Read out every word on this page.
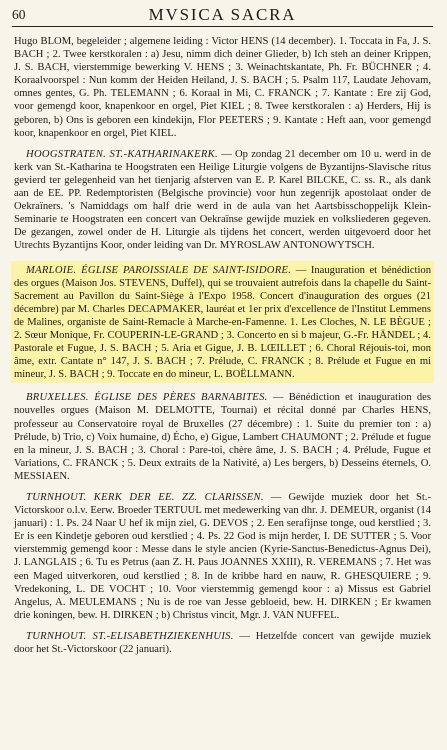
60	MVSICA SACRA

Hugo BLOM, begeleider ; algemene leiding : Victor HENS (14 december). 1. Toccata in Fa, J. S. BACH ; 2. Twee kerstkoralen : a) Jesu, nimm dich deiner Glieder, b) Ich steh an deiner Krippen, J. S. BACH, vierstemmige bewerking V. HENS ; 3. Weinachtskantate, Ph. Fr. BÜCHNER ; 4. Koraalvoorspel : Nun komm der Heiden Heiland, J. S. BACH ; 5. Psalm 117, Laudate Jehovam, omnes gentes, G. Ph. TELEMANN ; 6. Koraal in Mi, C. FRANCK ; 7. Kantate : Ere zij God, voor gemengd koor, knapenkoor en orgel, Piet KIEL ; 8. Twee kerstkoralen : a) Herders, Hij is geboren, b) Ons is geboren een kindekijn, Flor PEETERS ; 9. Kantate : Heft aan, voor gemengd koor, knapenkoor en orgel, Piet KIEL.

HOOGSTRATEN. ST.-KATHARINAKERK. — Op zondag 21 december om 10 u. werd in de kerk van St.-Katharina te Hoogstraten een Heilige Liturgie volgens de Byzantijns-Slavische ritus gevierd ter gelegenheid van het tienjarig afsterven van E. P. Karel BILCKE, C. ss. R., als dank aan de EE. PP. Redemptoristen (Belgische provincie) voor hun zegenrijk apostolaat onder de Oekraïners. 's Namiddags om half drie werd in de aula van het Aartsbisschoppelijk Klein-Seminarie te Hoogstraten een concert van Oekraïnse gewijde muziek en volksliederen gegeven. De gezangen, zowel onder de H. Liturgie als tijdens het concert, werden uitgevoerd door het Utrechts Byzantijns Koor, onder leiding van Dr. MYROSLAW ANTONOWYTSCH.

MARLOIE. ÉGLISE PAROISSIALE DE SAINT-ISIDORE. — Inauguration et bénédiction des orgues (Maison Jos. STEVENS, Duffel), qui se trouvaient autrefois dans la chapelle du Saint-Sacrement au Pavillon du Saint-Siège à l'Expo 1958. Concert d'inauguration des orgues (21 décembre) par M. Charles DECAPMAKER, lauréat et 1er prix d'excellence de l'Institut Lemmens de Malines, organiste de Saint-Remacle à Marche-en-Famenne. 1. Les Cloches, N. LE BÈGUE ; 2. Sœur Monique, Fr. COUPERIN-LE-GRAND ; 3. Concerto en si b majeur, G.-Fr. HÄNDEL ; 4. Pastorale et Fugue, J. S. BACH ; 5. Aria et Gigue, J. B. LŒILLET ; 6. Choral Réjouis-toi, mon âme, extr. Cantate n° 147, J. S. BACH ; 7. Prélude, C. FRANCK ; 8. Prélude et Fugue en mi mineur, J. S. BACH ; 9. Toccate en do mineur, L. BOËLLMANN.

BRUXELLES. ÉGLISE DES PÈRES BARNABITES. — Bénédiction et inauguration des nouvelles orgues (Maison M. DELMOTTE, Tournai) et récital donné par Charles HENS, professeur au Conservatoire royal de Bruxelles (27 décembre) : 1. Suite du premier ton : a) Prélude, b) Trio, c) Voix humaine, d) Écho, e) Gigue, Lambert CHAUMONT ; 2. Prélude et fugue en la mineur, J. S. BACH ; 3. Choral : Pare-toi, chère âme, J. S. BACH ; 4. Prélude, Fugue et Variations, C. FRANCK ; 5. Deux extraits de la Nativité, a) Les bergers, b) Desseins éternels, O. MESSIAEN.

TURNHOUT. KERK DER EE. ZZ. CLARISSEN. — Gewijde muziek door het St.-Victorskoor o.l.v. Eerw. Broeder TERTUUL met medewerking van dhr. J. DEMEUR, organist (14 januari) : 1. Ps. 24 Naar U hef ik mijn ziel, G. DEVOS ; 2. Een serafijnse tonge, oud kerstlied ; 3. Er is een Kindetje geboren oud kerstlied ; 4. Ps. 22 God is mijn herder, I. DE SUTTER ; 5. Voor vierstemmig gemengd koor : Messe dans le style ancien (Kyrie-Sanctus-Benedictus-Agnus Dei), J. LANGLAIS ; 6. Tu es Petrus (aan Z. H. Paus JOANNES XXIII), R. VEREMANS ; 7. Het was een Maged uitverkoren, oud kerstlied ; 8. In de kribbe hard en nauw, R. GHESQUIERE ; 9. Vredekoning, L. DE VOCHT ; 10. Voor vierstemmig gemengd koor : a) Missus est Gabriel Angelus, A. MEULEMANS ; Nu is de roe van Jesse gebloeid, bew. H. DIRKEN ; Er kwamen drie koningen, bew. H. DIRKEN ; b) Christus vincit, Mgr. J. VAN NUFFEL.

TURNHOUT. ST.-ELISABETHZIEKENHUIS. — Hetzelfde concert van gewijde muziek door het St.-Victorskoor (22 januari).
